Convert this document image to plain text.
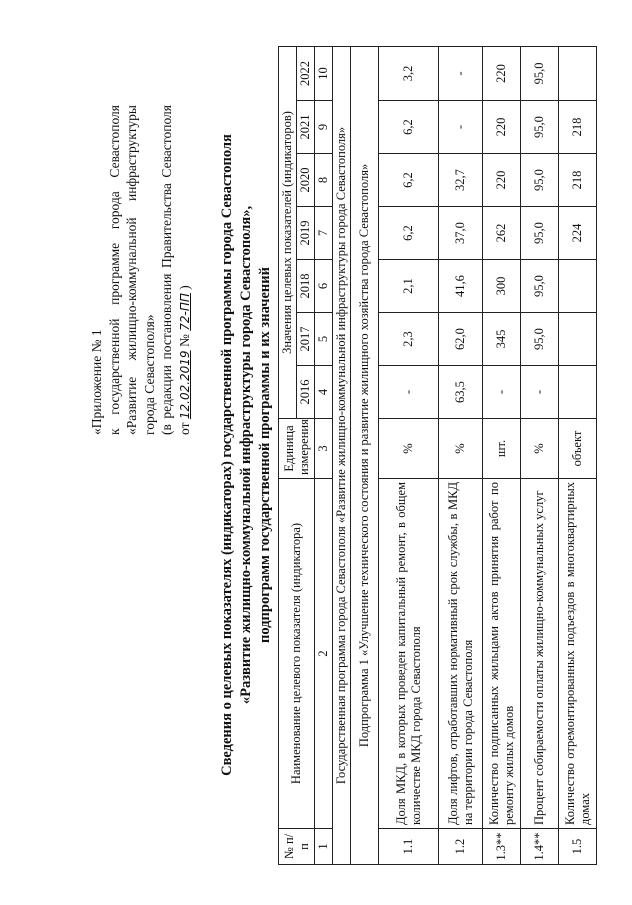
«Приложение № 1 к
государственной
программе
города
Севастополя
«Развитие
жилищно-коммунальной
инфраструктуры
города Севастополя» (в
редакции
постановления
Правительства
Севастополя
от 12.02.2019 № 72-ПП ) Сведения о целевых показателях (индикаторах) государственной программы города Севастополя «Развитие жилищно-коммунальной инфраструктуры города Севастополя», подпрограмм государственной программы и их значений
№ п/п	Наименование целевого показателя (индикатора)	Единица измерения	Значения целевых показателей (индикаторов)						
			2016	2017	2018	2019	2020	2021	2022
1	2	3	4	5	6	7	8	9	10
Государственная программа города Севастополя «Развитие жилищно-коммунальной инфраструктуры города Севастополя»									
Подпрограмма 1 «Улучшение технического состояния и развитие жилищного хозяйства города Севастополя»									
1.1	Доля МКД, в которых проведен капитальный ремонт, в общем количестве МКД города Севастополя	%	-	2,3	2,1	6,2	6,2	6,2	3,2
1.2	Доля лифтов, отработавших нормативный срок службы, в МКД на территории города Севастополя	%	63,5	62,0	41,6	37,0	32,7	-	-
1.3**	Количество подписанных жильцами актов принятия работ по ремонту жилых домов	шт.	-	345	300	262	220	220	220
1.4**	Процент собираемости оплаты жилищно-коммунальных услуг	%	-	95,0	95,0	95,0	95,0	95,0	95,0
1.5	Количество отремонтированных подъездов в многоквартирных домах	объект				224	218	218	
